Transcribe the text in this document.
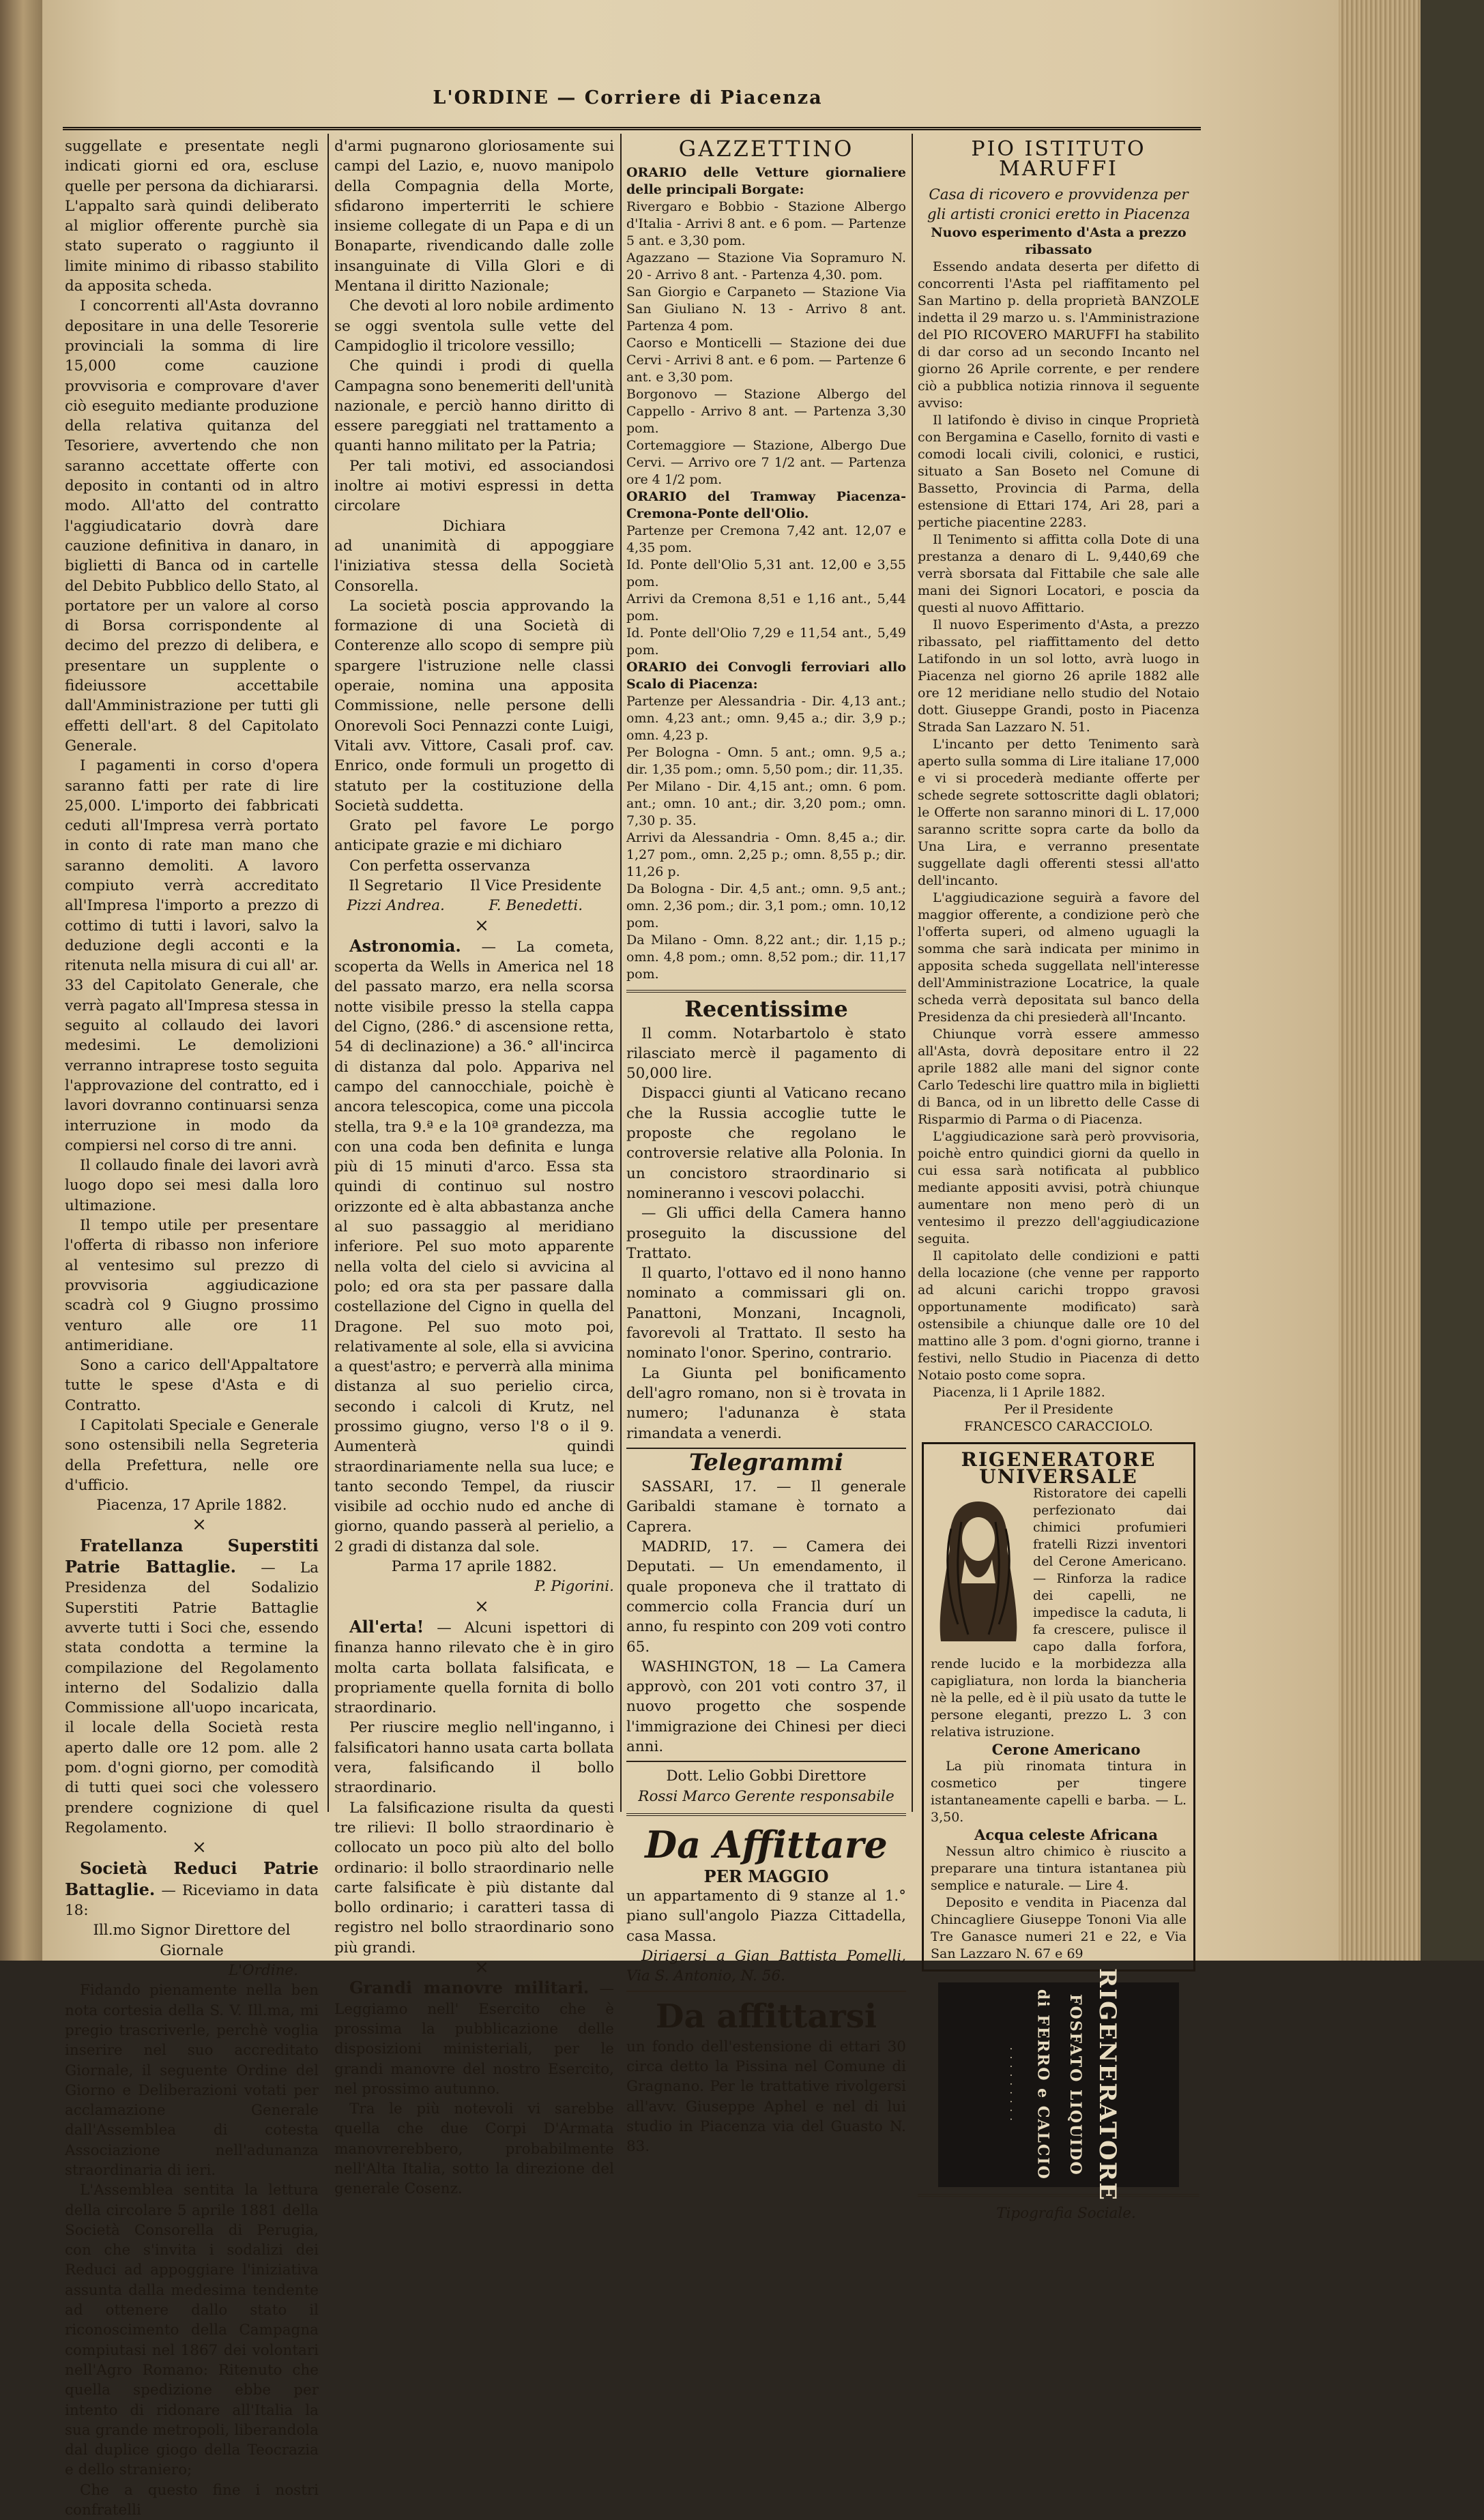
L'ORDINE — Corriere di Piacenza

suggellate e presentate negli indicati giorni ed ora, escluse quelle per persona da dichiararsi. L'appalto sarà quindi deliberato al miglior offerente purchè sia stato superato o raggiunto il limite minimo di ribasso stabilito da apposita scheda.

I concorrenti all'Asta dovranno depositare in una delle Tesorerie provinciali la somma di lire 15,000 come cauzione provvisoria e comprovare d'aver ciò eseguito mediante produzione della relativa quitanza del Tesoriere, avvertendo che non saranno accettate offerte con deposito in contanti od in altro modo. All'atto del contratto l'aggiudicatario dovrà dare cauzione definitiva in danaro, in biglietti di Banca od in cartelle del Debito Pubblico dello Stato, al portatore per un valore al corso di Borsa corrispondente al decimo del prezzo di delibera, e presentare un supplente o fideiussore accettabile dall'Amministrazione per tutti gli effetti dell'art. 8 del Capitolato Generale.

I pagamenti in corso d'opera saranno fatti per rate di lire 25,000. L'importo dei fabbricati ceduti all'Impresa verrà portato in conto di rate man mano che saranno demoliti. A lavoro compiuto verrà accreditato all'Impresa l'importo a prezzo di cottimo di tutti i lavori, salvo la deduzione degli acconti e la ritenuta nella misura di cui all' ar. 33 del Capitolato Generale, che verrà pagato all'Impresa stessa in seguito al collaudo dei lavori medesimi. Le demolizioni verranno intraprese tosto seguita l'approvazione del contratto, ed i lavori dovranno continuarsi senza interruzione in modo da compiersi nel corso di tre anni.

Il collaudo finale dei lavori avrà luogo dopo sei mesi dalla loro ultimazione.

Il tempo utile per presentare l'offerta di ribasso non inferiore al ventesimo sul prezzo di provvisoria aggiudicazione scadrà col 9 Giugno prossimo venturo alle ore 11 antimeridiane.

Sono a carico dell'Appaltatore tutte le spese d'Asta e di Contratto.

I Capitolati Speciale e Generale sono ostensibili nella Segreteria della Prefettura, nelle ore d'ufficio.

Piacenza, 17 Aprile 1882.

×

Fratellanza Superstiti Patrie Battaglie. — La Presidenza del Sodalizio Superstiti Patrie Battaglie avverte tutti i Soci che, essendo stata condotta a termine la compilazione del Regolamento interno del Sodalizio dalla Commissione all'uopo incaricata, il locale della Società resta aperto dalle ore 12 pom. alle 2 pom. d'ogni giorno, per comodità di tutti quei soci che volessero prendere cognizione di quel Regolamento.

×

Società Reduci Patrie Battaglie. — Riceviamo in data 18:

Ill.mo Signor Direttore del Giornale

L'Ordine.

Fidando pienamente nella ben nota cortesia della S. V. Ill.ma, mi pregio trascriverle, perchè voglia inserire nel suo accreditato Giornale, il seguente Ordine del Giorno e Deliberazioni votati per acclamazione Generale dall'Assemblea di cotesta Associazione nell'adunanza straordinaria di ieri.

L'Assemblea sentita la lettura della circolare 5 aprile 1881 della Società Consorella di Perugia, con che s'invita i sodalizi dei Reduci ad appoggiare l'iniziativa assunta dalla medesima tendente ad ottenere dallo stato il riconoscimento della Campagna compiutasi nel 1867 dei volontari nell'Agro Romano: Ritenuto che quella spedizione ebbe per intento di ridonare all'Italia la sua grande metropoli, liberandola dal duplice giogo della Teocrazia e dello straniero;

Che a questo fine i nostri confratelli

d'armi pugnarono gloriosamente sui campi del Lazio, e, nuovo manipolo della Compagnia della Morte, sfidarono imperterriti le schiere insieme collegate di un Papa e di un Bonaparte, rivendicando dalle zolle insanguinate di Villa Glori e di Mentana il diritto Nazionale;

Che devoti al loro nobile ardimento se oggi sventola sulle vette del Campidoglio il tricolore vessillo;

Che quindi i prodi di quella Campagna sono benemeriti dell'unità nazionale, e perciò hanno diritto di essere pareggiati nel trattamento a quanti hanno militato per la Patria;

Per tali motivi, ed associandosi inoltre ai motivi espressi in detta circolare

Dichiara

ad unanimità di appoggiare l'iniziativa stessa della Società Consorella.

La società poscia approvando la formazione di una Società di Conterenze allo scopo di sempre più spargere l'istruzione nelle classi operaie, nomina una apposita Commissione, nelle persone delli Onorevoli Soci Pennazzi conte Luigi, Vitali avv. Vittore, Casali prof. cav. Enrico, onde formuli un progetto di statuto per la costituzione della Società suddetta.

Grato pel favore Le porgo anticipate grazie e mi dichiaro

Con perfetta osservanza

Il Segretario
Pizzi Andrea.
Il Vice Presidente
F. Benedetti.

×

Astronomia. — La cometa, scoperta da Wells in America nel 18 del passato marzo, era nella scorsa notte visibile presso la stella cappa del Cigno, (286.° di ascensione retta, 54 di declinazione) a 36.° all'incirca di distanza dal polo. Appariva nel campo del cannocchiale, poichè è ancora telescopica, come una piccola stella, tra 9.ª e la 10ª grandezza, ma con una coda ben definita e lunga più di 15 minuti d'arco. Essa sta quindi di continuo sul nostro orizzonte ed è alta abbastanza anche al suo passaggio al meridiano inferiore. Pel suo moto apparente nella volta del cielo si avvicina al polo; ed ora sta per passare dalla costellazione del Cigno in quella del Dragone. Pel suo moto poi, relativamente al sole, ella si avvicina a quest'astro; e perverrà alla minima distanza al suo perielio circa, secondo i calcoli di Krutz, nel prossimo giugno, verso l'8 o il 9. Aumenterà quindi straordinariamente nella sua luce; e tanto secondo Tempel, da riuscir visibile ad occhio nudo ed anche di giorno, quando passerà al perielio, a 2 gradi di distanza dal sole.

Parma 17 aprile 1882.

P. Pigorini.

×

All'erta! — Alcuni ispettori di finanza hanno rilevato che è in giro molta carta bollata falsificata, e propriamente quella fornita di bollo straordinario.

Per riuscire meglio nell'inganno, i falsificatori hanno usata carta bollata vera, falsificando il bollo straordinario.

La falsificazione risulta da questi tre rilievi: Il bollo straordinario è collocato un poco più alto del bollo ordinario: il bollo straordinario nelle carte falsificate è più distante dal bollo ordinario; i caratteri tassa di registro nel bollo straordinario sono più grandi.

×

Grandi manovre militari. — Leggiamo nell' Esercito che è prossima la pubblicazione delle disposizioni ministeriali, per le grandi manovre del nostro Esercito, nel prossimo autunno.

Tra le più notevoli vi sarebbe quella che due Corpi D'Armata manovrerebbero, probabilmente nell'Alta Italia, sotto la direzione del generale Cosenz.

GAZZETTINO

ORARIO delle Vetture giornaliere delle principali Borgate:

Rivergaro e Bobbio - Stazione Albergo d'Italia - Arrivi 8 ant. e 6 pom. — Partenze 5 ant. e 3,30 pom.

Agazzano — Stazione Via Sopramuro N. 20 - Arrivo 8 ant. - Partenza 4,30. pom.

San Giorgio e Carpaneto — Stazione Via San Giuliano N. 13 - Arrivo 8 ant. Partenza 4 pom.

Caorso e Monticelli — Stazione dei due Cervi - Arrivi 8 ant. e 6 pom. — Partenze 6 ant. e 3,30 pom.

Borgonovo — Stazione Albergo del Cappello - Arrivo 8 ant. — Partenza 3,30 pom.

Cortemaggiore — Stazione, Albergo Due Cervi. — Arrivo ore 7 1/2 ant. — Partenza ore 4 1/2 pom.

ORARIO del Tramway Piacenza-Cremona-Ponte dell'Olio.

Partenze per Cremona 7,42 ant. 12,07 e 4,35 pom.

Id. Ponte dell'Olio 5,31 ant. 12,00 e 3,55 pom.

Arrivi da Cremona 8,51 e 1,16 ant., 5,44 pom.

Id. Ponte dell'Olio 7,29 e 11,54 ant., 5,49 pom.

ORARIO dei Convogli ferroviari allo Scalo di Piacenza:

Partenze per Alessandria - Dir. 4,13 ant.; omn. 4,23 ant.; omn. 9,45 a.; dir. 3,9 p.; omn. 4,23 p.

Per Bologna - Omn. 5 ant.; omn. 9,5 a.; dir. 1,35 pom.; omn. 5,50 pom.; dir. 11,35.

Per Milano - Dir. 4,15 ant.; omn. 6 pom. ant.; omn. 10 ant.; dir. 3,20 pom.; omn. 7,30 p. 35.

Arrivi da Alessandria - Omn. 8,45 a.; dir. 1,27 pom., omn. 2,25 p.; omn. 8,55 p.; dir. 11,26 p.

Da Bologna - Dir. 4,5 ant.; omn. 9,5 ant.; omn. 2,36 pom.; dir. 3,1 pom.; omn. 10,12 pom.

Da Milano - Omn. 8,22 ant.; dir. 1,15 p.; omn. 4,8 pom.; omn. 8,52 pom.; dir. 11,17 pom.

Recentissime

Il comm. Notarbartolo è stato rilasciato mercè il pagamento di 50,000 lire.

Dispacci giunti al Vaticano recano che la Russia accoglie tutte le proposte che regolano le controversie relative alla Polonia. In un concistoro straordinario si nomineranno i vescovi polacchi.

— Gli uffici della Camera hanno proseguito la discussione del Trattato.

Il quarto, l'ottavo ed il nono hanno nominato a commissari gli on. Panattoni, Monzani, Incagnoli, favorevoli al Trattato. Il sesto ha nominato l'onor. Sperino, contrario.

La Giunta pel bonificamento dell'agro romano, non si è trovata in numero; l'adunanza è stata rimandata a venerdi.

Telegrammi

SASSARI, 17. — Il generale Garibaldi stamane è tornato a Caprera.

MADRID, 17. — Camera dei Deputati. — Un emendamento, il quale proponeva che il trattato di commercio colla Francia durí un anno, fu respinto con 209 voti contro 65.

WASHINGTON, 18 — La Camera approvò, con 201 voti contro 37, il nuovo progetto che sospende l'immigrazione dei Chinesi per dieci anni.

Dott. Lelio Gobbi Direttore

Rossi Marco Gerente responsabile

Da Affittare

PER MAGGIO

un appartamento di 9 stanze al 1.° piano sull'angolo Piazza Cittadella, casa Massa.

Dirigersi a Gian Battista Pomelli, Via S. Antonio, N. 56.

Da affittarsi

un fondo dell'estensione di ettari 30 circa detto la Pissina nel Comune di Gragnano. Per le trattative rivolgersi all'avv. Giuseppe Aphel e nel di lui studio in Piacenza via del Guasto N. 83.

PIO ISTITUTO MARUFFI

Casa di ricovero e provvidenza per gli artisti cronici eretto in Piacenza

Nuovo esperimento d'Asta a prezzo ribassato

Essendo andata deserta per difetto di concorrenti l'Asta pel riaffitamento pel San Martino p. della proprietà BANZOLE indetta il 29 marzo u. s. l'Amministrazione del PIO RICOVERO MARUFFI ha stabilito di dar corso ad un secondo Incanto nel giorno 26 Aprile corrente, e per rendere ciò a pubblica notizia rinnova il seguente avviso:

Il latifondo è diviso in cinque Proprietà con Bergamina e Casello, fornito di vasti e comodi locali civili, colonici, e rustici, situato a San Boseto nel Comune di Bassetto, Provincia di Parma, della estensione di Ettari 174, Ari 28, pari a pertiche piacentine 2283.

Il Tenimento si affitta colla Dote di una prestanza a denaro di L. 9,440,69 che verrà sborsata dal Fittabile che sale alle mani dei Signori Locatori, e poscia da questi al nuovo Affittario.

Il nuovo Esperimento d'Asta, a prezzo ribassato, pel riaffittamento del detto Latifondo in un sol lotto, avrà luogo in Piacenza nel giorno 26 aprile 1882 alle ore 12 meridiane nello studio del Notaio dott. Giuseppe Grandi, posto in Piacenza Strada San Lazzaro N. 51.

L'incanto per detto Tenimento sarà aperto sulla somma di Lire italiane 17,000 e vi si procederà mediante offerte per schede segrete sottoscritte dagli oblatori; le Offerte non saranno minori di L. 17,000 saranno scritte sopra carte da bollo da Una Lira, e verranno presentate suggellate dagli offerenti stessi all'atto dell'incanto.

L'aggiudicazione seguirà a favore del maggior offerente, a condizione però che l'offerta superi, od almeno uguagli la somma che sarà indicata per minimo in apposita scheda suggellata nell'interesse dell'Amministrazione Locatrice, la quale scheda verrà depositata sul banco della Presidenza da chi presiederà all'Incanto.

Chiunque vorrà essere ammesso all'Asta, dovrà depositare entro il 22 aprile 1882 alle mani del signor conte Carlo Tedeschi lire quattro mila in biglietti di Banca, od in un libretto delle Casse di Risparmio di Parma o di Piacenza.

L'aggiudicazione sarà però provvisoria, poichè entro quindici giorni da quello in cui essa sarà notificata al pubblico mediante appositi avvisi, potrà chiunque aumentare non meno però di un ventesimo il prezzo dell'aggiudicazione seguita.

Il capitolato delle condizioni e patti della locazione (che venne per rapporto ad alcuni carichi troppo gravosi opportunamente modificato) sarà ostensibile a chiunque dalle ore 10 del mattino alle 3 pom. d'ogni giorno, tranne i festivi, nello Studio in Piacenza di detto Notaio posto come sopra.

Piacenza, li 1 Aprile 1882.

Per il Presidente

FRANCESCO CARACCIOLO.

RIGENERATORE UNIVERSALE

Ristoratore dei capelli perfezionato dai chimici profumieri fratelli Rizzi inventori del Cerone Americano. — Rinforza la radice dei capelli, ne impedisce la caduta, li fa crescere, pulisce il capo dalla forfora, rende lucido e la morbidezza alla capigliatura, non lorda la biancheria nè la pelle, ed è il più usato da tutte le persone eleganti, prezzo L. 3 con relativa istruzione.

Cerone Americano

La più rinomata tintura in cosmetico per tingere istantaneamente capelli e barba. — L. 3,50.

Acqua celeste Africana

Nessun altro chimico è riuscito a preparare una tintura istantanea più semplice e naturale. — Lire 4.

Deposito e vendita in Piacenza dal Chincagliere Giuseppe Tononi Via alle Tre Ganasce numeri 21 e 22, e Via San Lazzaro N. 67 e 69

· · · · · · · · · di FERRO e CALCIO FOSFATO LIQUIDO RIGENERATORE

Tipografia Sociale.
